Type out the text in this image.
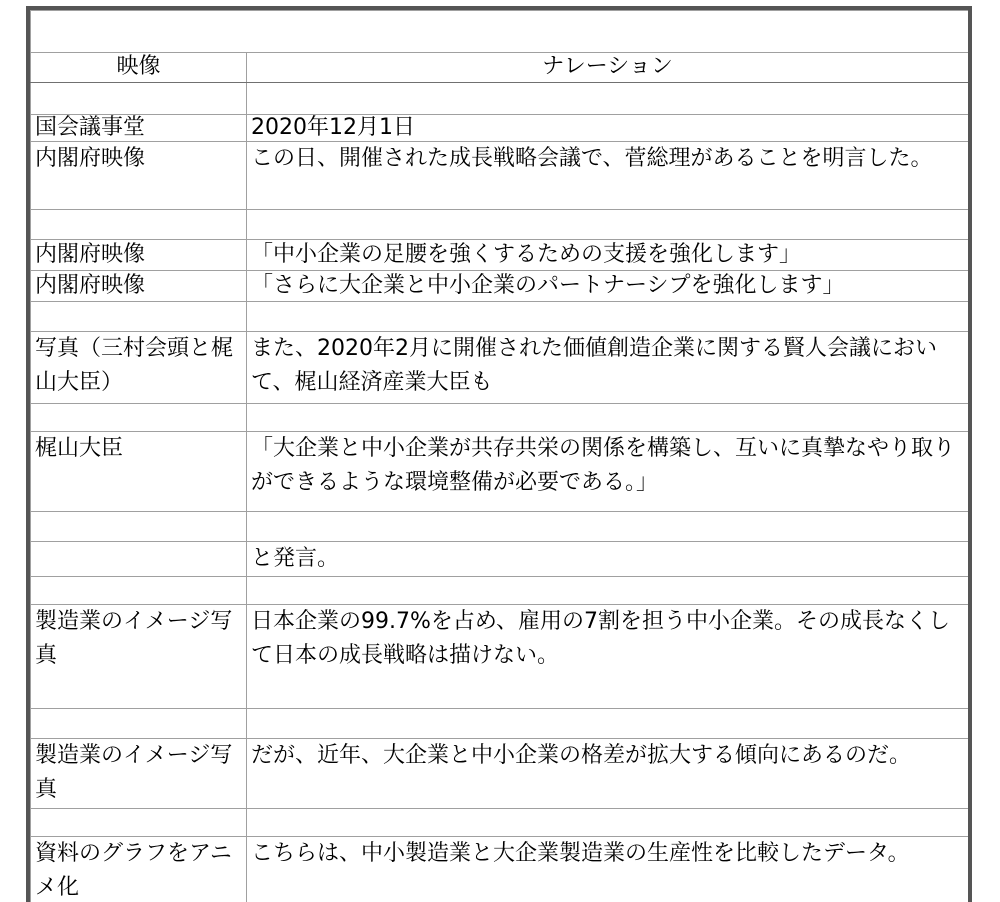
映像	ナレーション

国会議事堂	2020年12月1日
内閣府映像	この日、開催された成長戦略会議で、菅総理があることを明言した。

内閣府映像	「中小企業の足腰を強くするための支援を強化します」
内閣府映像	「さらに大企業と中小企業のパートナーシプを強化します」

写真（三村会頭と梶山大臣）	また、2020年2月に開催された価値創造企業に関する賢人会議において、梶山経済産業大臣も

梶山大臣	「大企業と中小企業が共存共栄の関係を構築し、互いに真摯なやり取りができるような環境整備が必要である。」

	と発言。

製造業のイメージ写真	日本企業の99.7%を占め、雇用の7割を担う中小企業。その成長なくして日本の成長戦略は描けない。

製造業のイメージ写真	だが、近年、大企業と中小企業の格差が拡大する傾向にあるのだ。

資料のグラフをアニメ化	こちらは、中小製造業と大企業製造業の生産性を比較したデータ。
